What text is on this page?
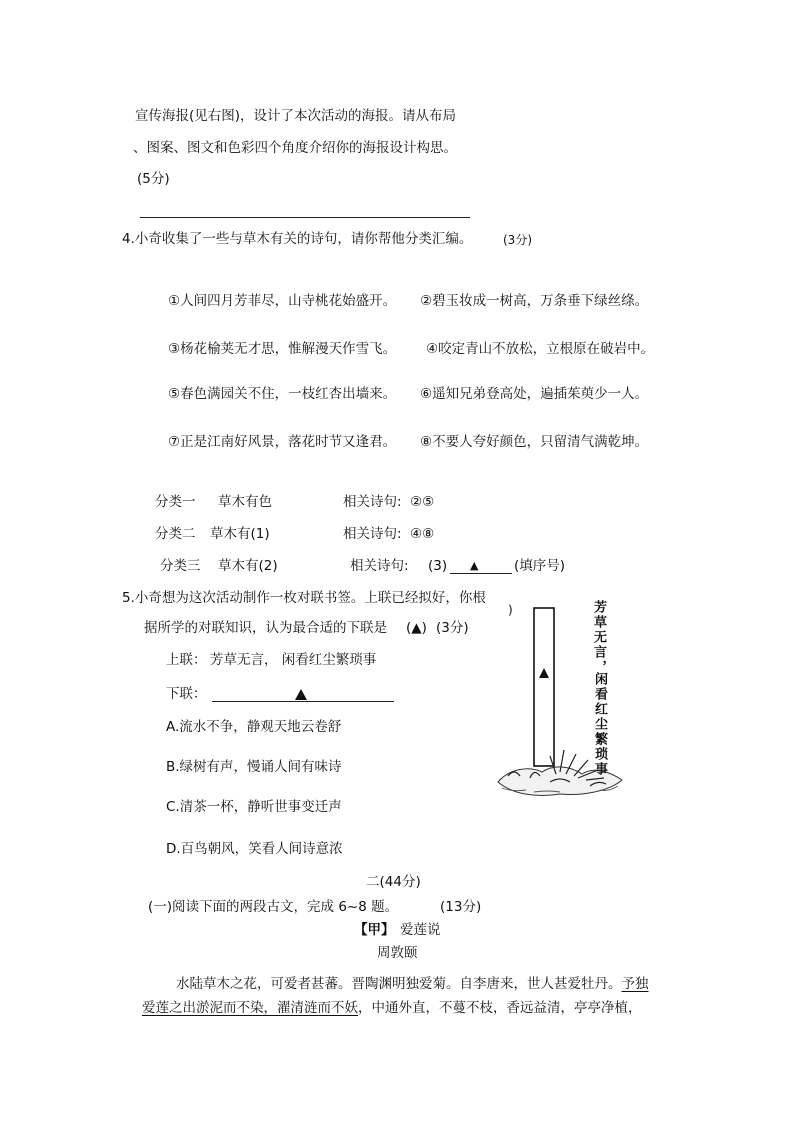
宣传海报(见右图)，设计了本次活动的海报。请从布局
、图案、图文和色彩四个角度介绍你的海报设计构思。
(5分)
4.小奇收集了一些与草木有关的诗句，请你帮他分类汇编。	(3分)
①人间四月芳菲尽，山寺桃花始盛开。 ②碧玉妆成一树高，万条垂下绿丝绦。
③杨花榆荚无才思，惟解漫天作雪飞。 ④咬定青山不放松，立根原在破岩中。
⑤春色满园关不住，一枝红杏出墙来。 ⑥遥知兄弟登高处，遍插茱萸少一人。
⑦正是江南好风景，落花时节又逢君。 ⑧不要人夸好颜色，只留清气满乾坤。
分类一 草木有色	相关诗句: ②⑤
分类二 草木有(1)	相关诗句: ④⑧
分类三 草木有(2)	相关诗句: (3) ▲	(填序号)
5.小奇想为这次活动制作一枚对联书签。上联已经拟好，你根
据所学的对联知识，认为最合适的下联是 (▲) (3分)
上联： 芳草无言， 闲看红尘繁琐事
下联：
A.流水不争，静观天地云卷舒
B.绿树有声，慢诵人间有味诗
C.清茶一杯，静听世事变迁声
D.百鸟朝风，笑看人间诗意浓
)	芳草无言，
闲看红尘繁琐事
二(44分)
(一)阅读下面的两段古文，完成 6~8 题。	(13分)
【甲】 爱莲说
周敦颐
水陆草木之花，可爱者甚蕃。晋陶渊明独爱菊。自李唐来，世人甚爱牡丹。予独
爱莲之出淤泥而不染，濯清涟而不妖，中通外直，不蔓不枝，香远益清，亭亭净植，
